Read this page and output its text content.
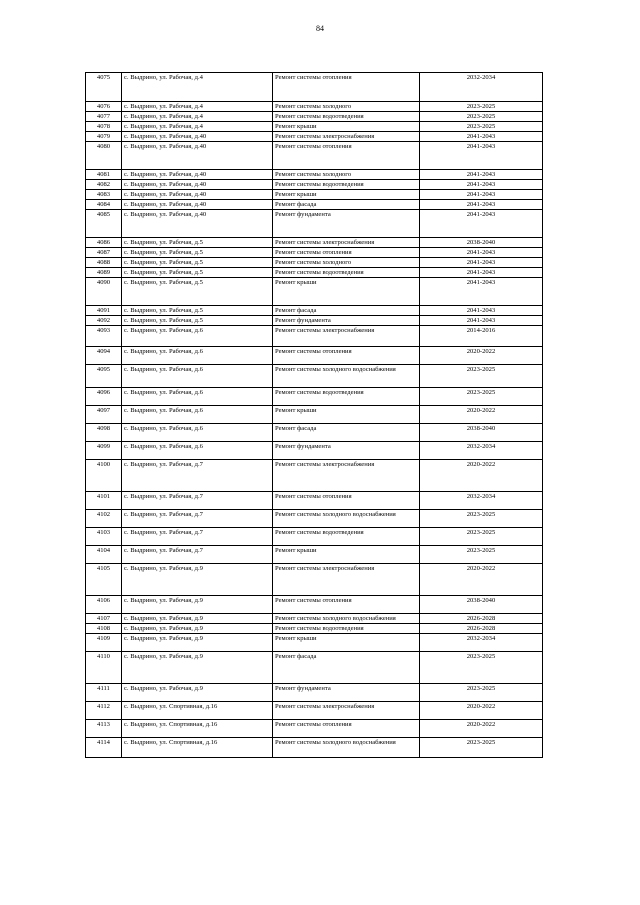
84
4075	с. Выдрино, ул. Рабочая, д.4	Ремонт системы отопления	2032-2034
4076	с. Выдрино, ул. Рабочая, д.4	Ремонт системы холодного	2023-2025
4077	с. Выдрино, ул. Рабочая, д.4	Ремонт системы водоотведения	2023-2025
4078	с. Выдрино, ул. Рабочая, д.4	Ремонт крыши	2023-2025
4079	с. Выдрино, ул. Рабочая, д.40	Ремонт системы электроснабжения	2041-2043
4080	с. Выдрино, ул. Рабочая, д.40	Ремонт системы отопления	2041-2043
4081	с. Выдрино, ул. Рабочая, д.40	Ремонт системы холодного	2041-2043
4082	с. Выдрино, ул. Рабочая, д.40	Ремонт системы водоотведения	2041-2043
4083	с. Выдрино, ул. Рабочая, д.40	Ремонт крыши	2041-2043
4084	с. Выдрино, ул. Рабочая, д.40	Ремонт фасада	2041-2043
4085	с. Выдрино, ул. Рабочая, д.40	Ремонт фундамента	2041-2043
4086	с. Выдрино, ул. Рабочая, д.5	Ремонт системы электроснабжения	2038-2040
4087	с. Выдрино, ул. Рабочая, д.5	Ремонт системы отопления	2041-2043
4088	с. Выдрино, ул. Рабочая, д.5	Ремонт системы холодного	2041-2043
4089	с. Выдрино, ул. Рабочая, д.5	Ремонт системы водоотведения	2041-2043
4090	с. Выдрино, ул. Рабочая, д.5	Ремонт крыши	2041-2043
4091	с. Выдрино, ул. Рабочая, д.5	Ремонт фасада	2041-2043
4092	с. Выдрино, ул. Рабочая, д.5	Ремонт фундамента	2041-2043
4093	с. Выдрино, ул. Рабочая, д.6	Ремонт системы электроснабжения	2014-2016
4094	с. Выдрино, ул. Рабочая, д.6	Ремонт системы отопления	2020-2022
4095	с. Выдрино, ул. Рабочая, д.6	Ремонт системы холодного водоснабжения	2023-2025
4096	с. Выдрино, ул. Рабочая, д.6	Ремонт системы водоотведения	2023-2025
4097	с. Выдрино, ул. Рабочая, д.6	Ремонт крыши	2020-2022
4098	с. Выдрино, ул. Рабочая, д.6	Ремонт фасада	2038-2040
4099	с. Выдрино, ул. Рабочая, д.6	Ремонт фундамента	2032-2034
4100	с. Выдрино, ул. Рабочая, д.7	Ремонт системы электроснабжения	2020-2022
4101	с. Выдрино, ул. Рабочая, д.7	Ремонт системы отопления	2032-2034
4102	с. Выдрино, ул. Рабочая, д.7	Ремонт системы холодного водоснабжения	2023-2025
4103	с. Выдрино, ул. Рабочая, д.7	Ремонт системы водоотведения	2023-2025
4104	с. Выдрино, ул. Рабочая, д.7	Ремонт крыши	2023-2025
4105	с. Выдрино, ул. Рабочая, д.9	Ремонт системы электроснабжения	2020-2022
4106	с. Выдрино, ул. Рабочая, д.9	Ремонт системы отопления	2038-2040
4107	с. Выдрино, ул. Рабочая, д.9	Ремонт системы холодного водоснабжения	2026-2028
4108	с. Выдрино, ул. Рабочая, д.9	Ремонт системы водоотведения	2026-2028
4109	с. Выдрино, ул. Рабочая, д.9	Ремонт крыши	2032-2034
4110	с. Выдрино, ул. Рабочая, д.9	Ремонт фасада	2023-2025
4111	с. Выдрино, ул. Рабочая, д.9	Ремонт фундамента	2023-2025
4112	с. Выдрино, ул. Спортивная, д.16	Ремонт системы электроснабжения	2020-2022
4113	с. Выдрино, ул. Спортивная, д.16	Ремонт системы отопления	2020-2022
4114	с. Выдрино, ул. Спортивная, д.16	Ремонт системы холодного водоснабжения	2023-2025
